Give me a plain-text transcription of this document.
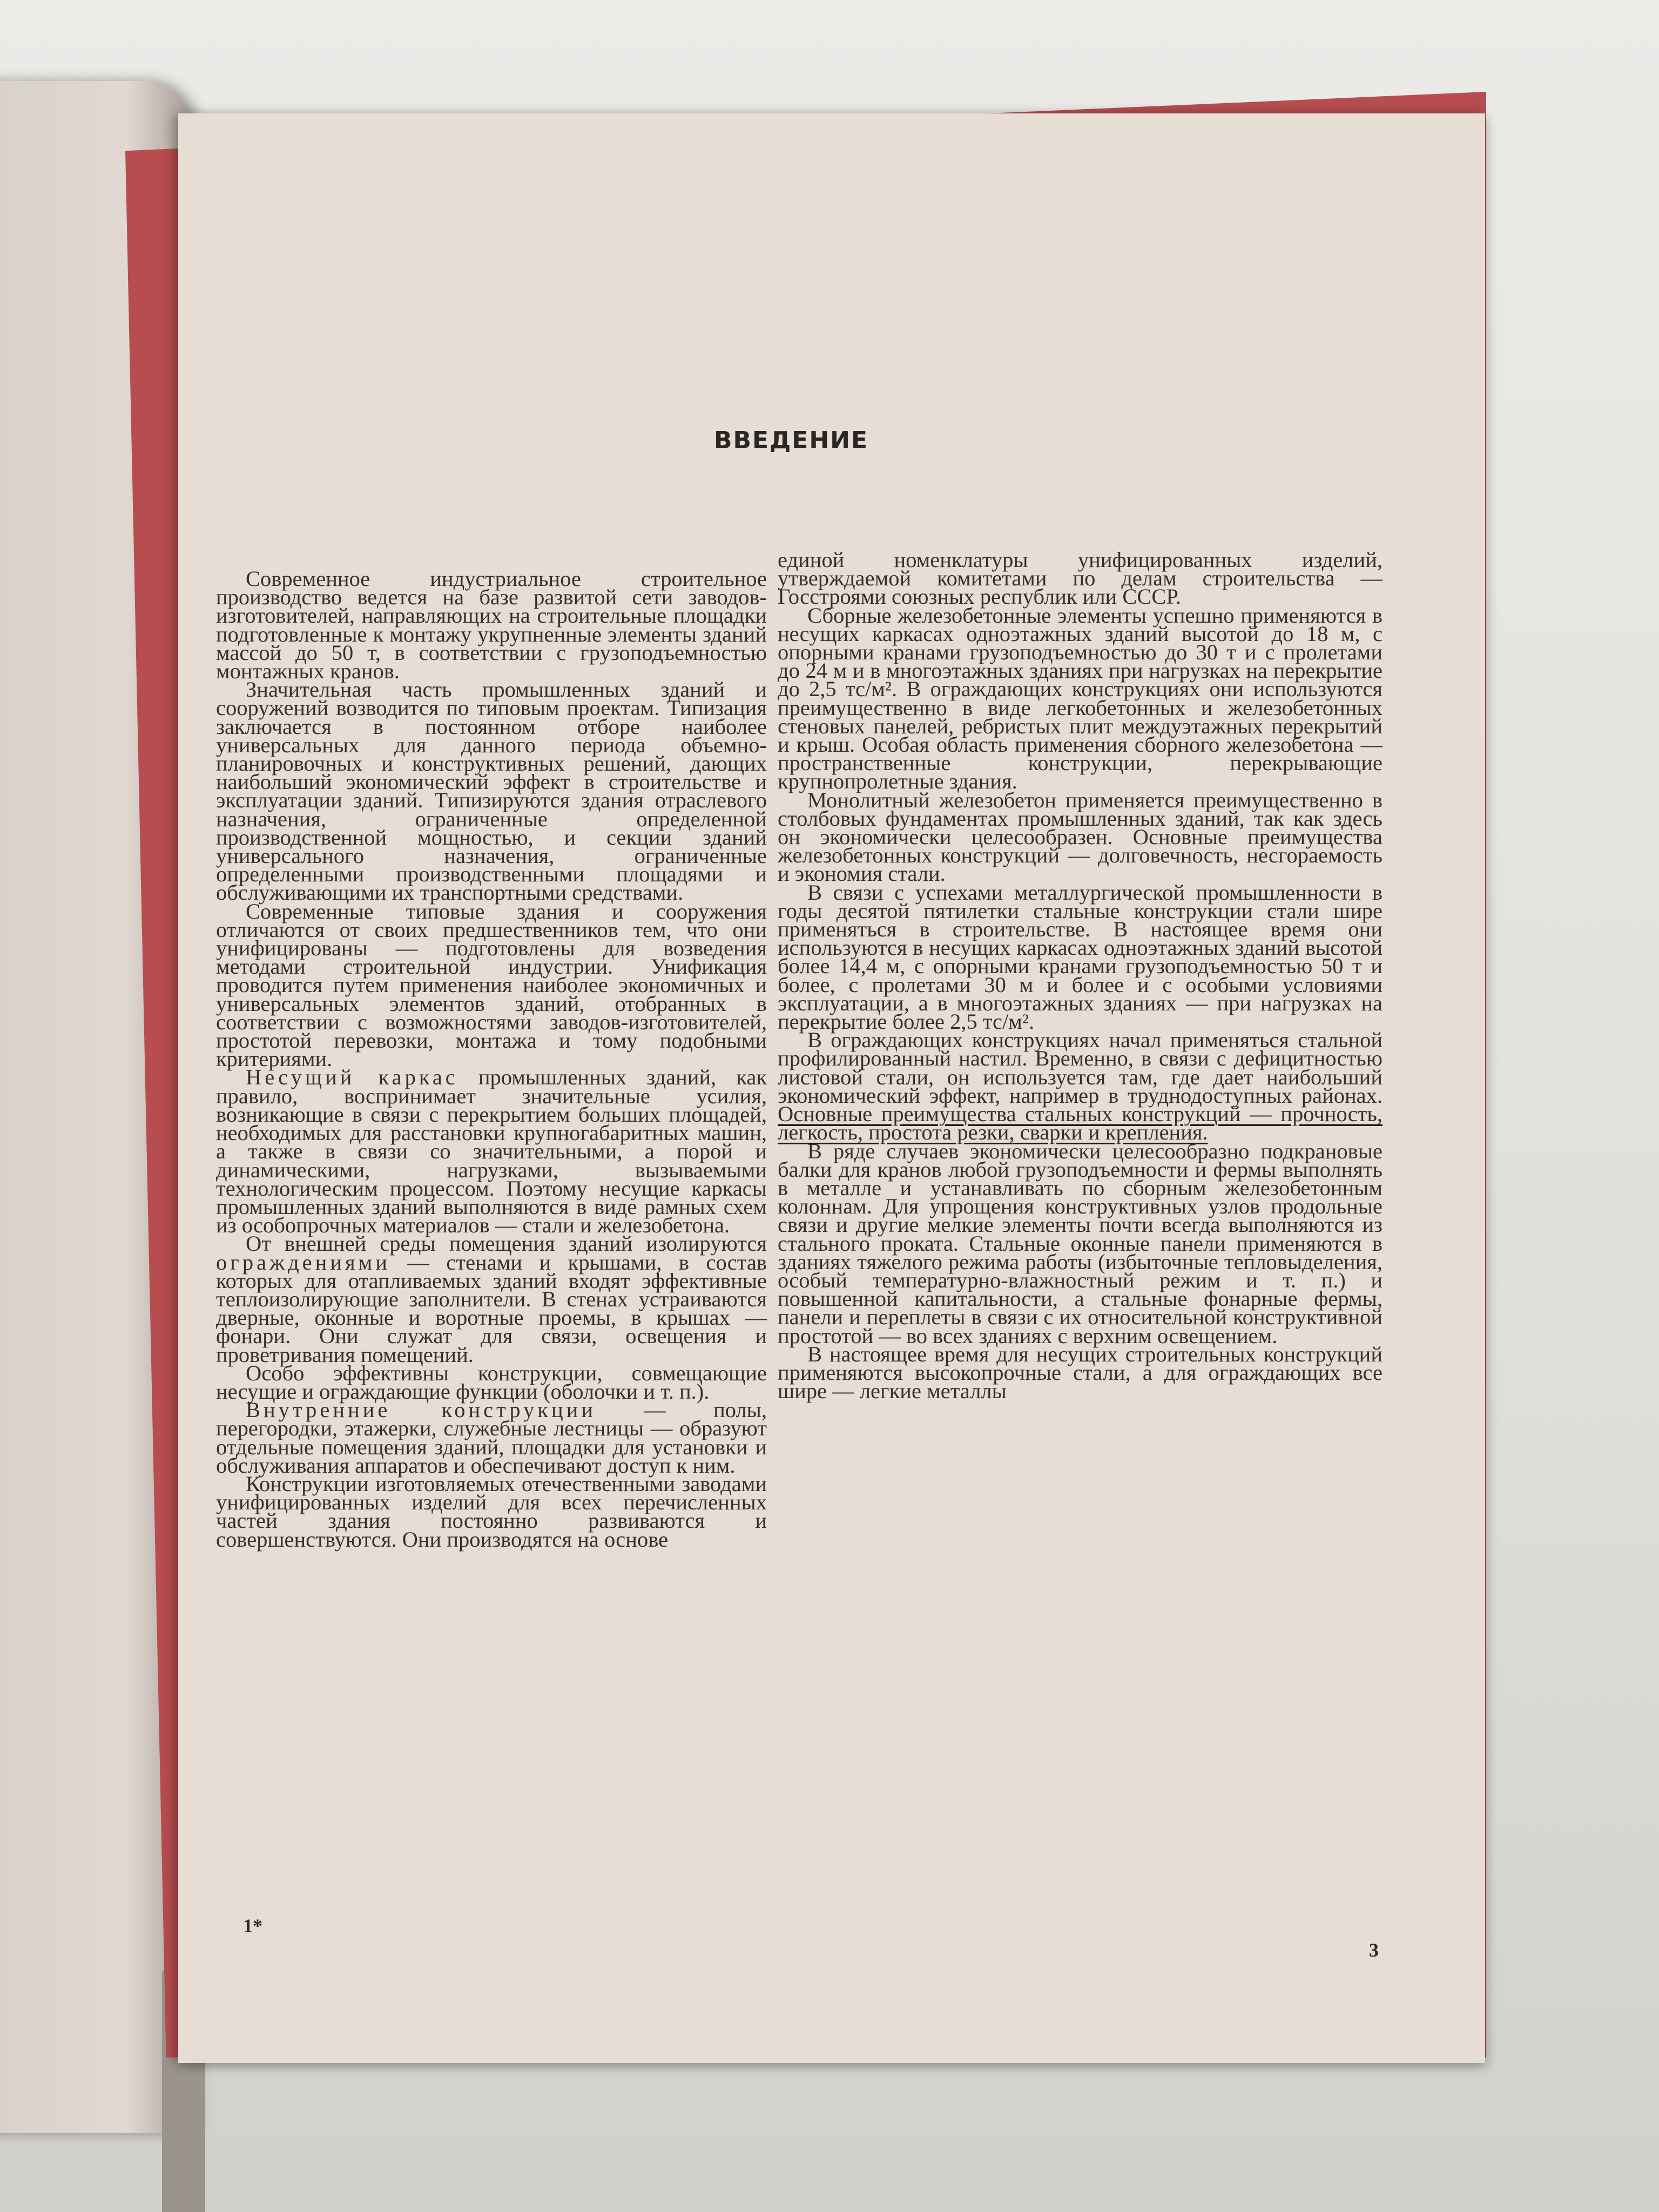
ВВЕДЕНИЕ

Современное индустриальное строительное производство ведется на базе развитой сети заводов-изготовителей, направляющих на строительные площадки подготовленные к монтажу укрупненные элементы зданий массой до 50 т, в соответствии с грузоподъемностью монтажных кранов.

Значительная часть промышленных зданий и сооружений возводится по типовым проектам. Типизация заключается в постоянном отборе наиболее универсальных для данного периода объемно-планировочных и конструктивных решений, дающих наибольший экономический эффект в строительстве и эксплуатации зданий. Типизируются здания отраслевого назначения, ограниченные определенной производственной мощностью, и секции зданий универсального назначения, ограниченные определенными производственными площадями и обслуживающими их транспортными средствами.

Современные типовые здания и сооружения отличаются от своих предшественников тем, что они унифицированы — подготовлены для возведения методами строительной индустрии. Унификация проводится путем применения наиболее экономичных и универсальных элементов зданий, отобранных в соответствии с возможностями заводов-изготовителей, простотой перевозки, монтажа и тому подобными критериями.

Несущий каркас промышленных зданий, как правило, воспринимает значительные усилия, возникающие в связи с перекрытием больших площадей, необходимых для расстановки крупногабаритных машин, а также в связи со значительными, а порой и динамическими, нагрузками, вызываемыми технологическим процессом. Поэтому несущие каркасы промышленных зданий выполняются в виде рамных схем из особопрочных материалов — стали и железобетона.

От внешней среды помещения зданий изолируются ограждениями — стенами и крышами, в состав которых для отапливаемых зданий входят эффективные теплоизолирующие заполнители. В стенах устраиваются дверные, оконные и воротные проемы, в крышах — фонари. Они служат для связи, освещения и проветривания помещений.

Особо эффективны конструкции, совмещающие несущие и ограждающие функции (оболочки и т. п.).

Внутренние конструкции — полы, перегородки, этажерки, служебные лестницы — образуют отдельные помещения зданий, площадки для установки и обслуживания аппаратов и обеспечивают доступ к ним.

Конструкции изготовляемых отечественными заводами унифицированных изделий для всех перечисленных частей здания постоянно развиваются и совершенствуются. Они производятся на основе

единой номенклатуры унифицированных изделий, утверждаемой комитетами по делам строительства — Госстроями союзных республик или СССР.

Сборные железобетонные элементы успешно применяются в несущих каркасах одноэтажных зданий высотой до 18 м, с опорными кранами грузоподъемностью до 30 т и с пролетами до 24 м и в многоэтажных зданиях при нагрузках на перекрытие до 2,5 тс/м². В ограждающих конструкциях они используются преимущественно в виде легкобетонных и железобетонных стеновых панелей, ребристых плит междуэтажных перекрытий и крыш. Особая область применения сборного железобетона — пространственные конструкции, перекрывающие крупнопролетные здания.

Монолитный железобетон применяется преимущественно в столбовых фундаментах промышленных зданий, так как здесь он экономически целесообразен. Основные преимущества железобетонных конструкций — долговечность, несгораемость и экономия стали.

В связи с успехами металлургической промышленности в годы десятой пятилетки стальные конструкции стали шире применяться в строительстве. В настоящее время они используются в несущих каркасах одноэтажных зданий высотой более 14,4 м, с опорными кранами грузоподъемностью 50 т и более, с пролетами 30 м и более и с особыми условиями эксплуатации, а в многоэтажных зданиях — при нагрузках на перекрытие более 2,5 тс/м².

В ограждающих конструкциях начал применяться стальной профилированный настил. Временно, в связи с дефицитностью листовой стали, он используется там, где дает наибольший экономический эффект, например в труднодоступных районах. Основные преимущества стальных конструкций — прочность, легкость, простота резки, сварки и крепления.

В ряде случаев экономически целесообразно подкрановые балки для кранов любой грузоподъемности и фермы выполнять в металле и устанавливать по сборным железобетонным колоннам. Для упрощения конструктивных узлов продольные связи и другие мелкие элементы почти всегда выполняются из стального проката. Стальные оконные панели применяются в зданиях тяжелого режима работы (избыточные тепловыделения, особый температурно-влажностный режим и т. п.) и повышенной капитальности, а стальные фонарные фермы, панели и переплеты в связи с их относительной конструктивной простотой — во всех зданиях с верхним освещением.

В настоящее время для несущих строительных конструкций применяются высокопрочные стали, а для ограждающих все шире — легкие металлы

1*
3
